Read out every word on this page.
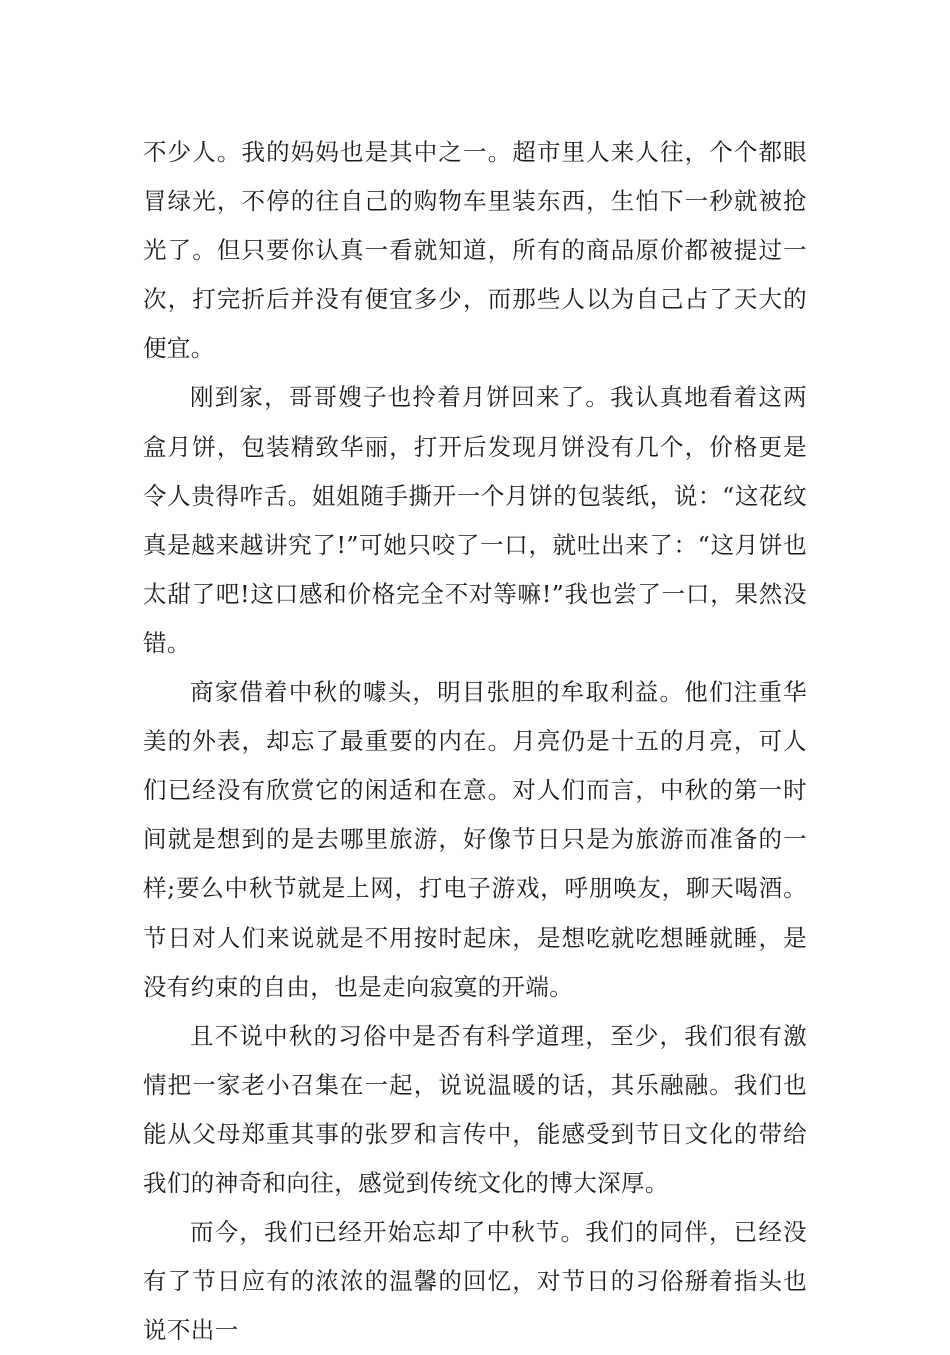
不少人。我的妈妈也是其中之一。超市里人来人往，个个都眼冒绿光，不停的往自己的购物车里装东西，生怕下一秒就被抢光了。但只要你认真一看就知道，所有的商品原价都被提过一次，打完折后并没有便宜多少，而那些人以为自己占了天大的便宜。

刚到家，哥哥嫂子也拎着月饼回来了。我认真地看着这两盒月饼，包装精致华丽，打开后发现月饼没有几个，价格更是令人贵得咋舌。姐姐随手撕开一个月饼的包装纸，说：“这花纹真是越来越讲究了!”可她只咬了一口，就吐出来了：“这月饼也太甜了吧!这口感和价格完全不对等嘛!”我也尝了一口，果然没错。

商家借着中秋的噱头，明目张胆的牟取利益。他们注重华美的外表，却忘了最重要的内在。月亮仍是十五的月亮，可人们已经没有欣赏它的闲适和在意。对人们而言，中秋的第一时间就是想到的是去哪里旅游，好像节日只是为旅游而准备的一样;要么中秋节就是上网，打电子游戏，呼朋唤友，聊天喝酒。节日对人们来说就是不用按时起床，是想吃就吃想睡就睡，是没有约束的自由，也是走向寂寞的开端。

且不说中秋的习俗中是否有科学道理，至少，我们很有激情把一家老小召集在一起，说说温暖的话，其乐融融。我们也能从父母郑重其事的张罗和言传中，能感受到节日文化的带给我们的神奇和向往，感觉到传统文化的博大深厚。

而今，我们已经开始忘却了中秋节。我们的同伴，已经没有了节日应有的浓浓的温馨的回忆，对节日的习俗掰着指头也说不出一
